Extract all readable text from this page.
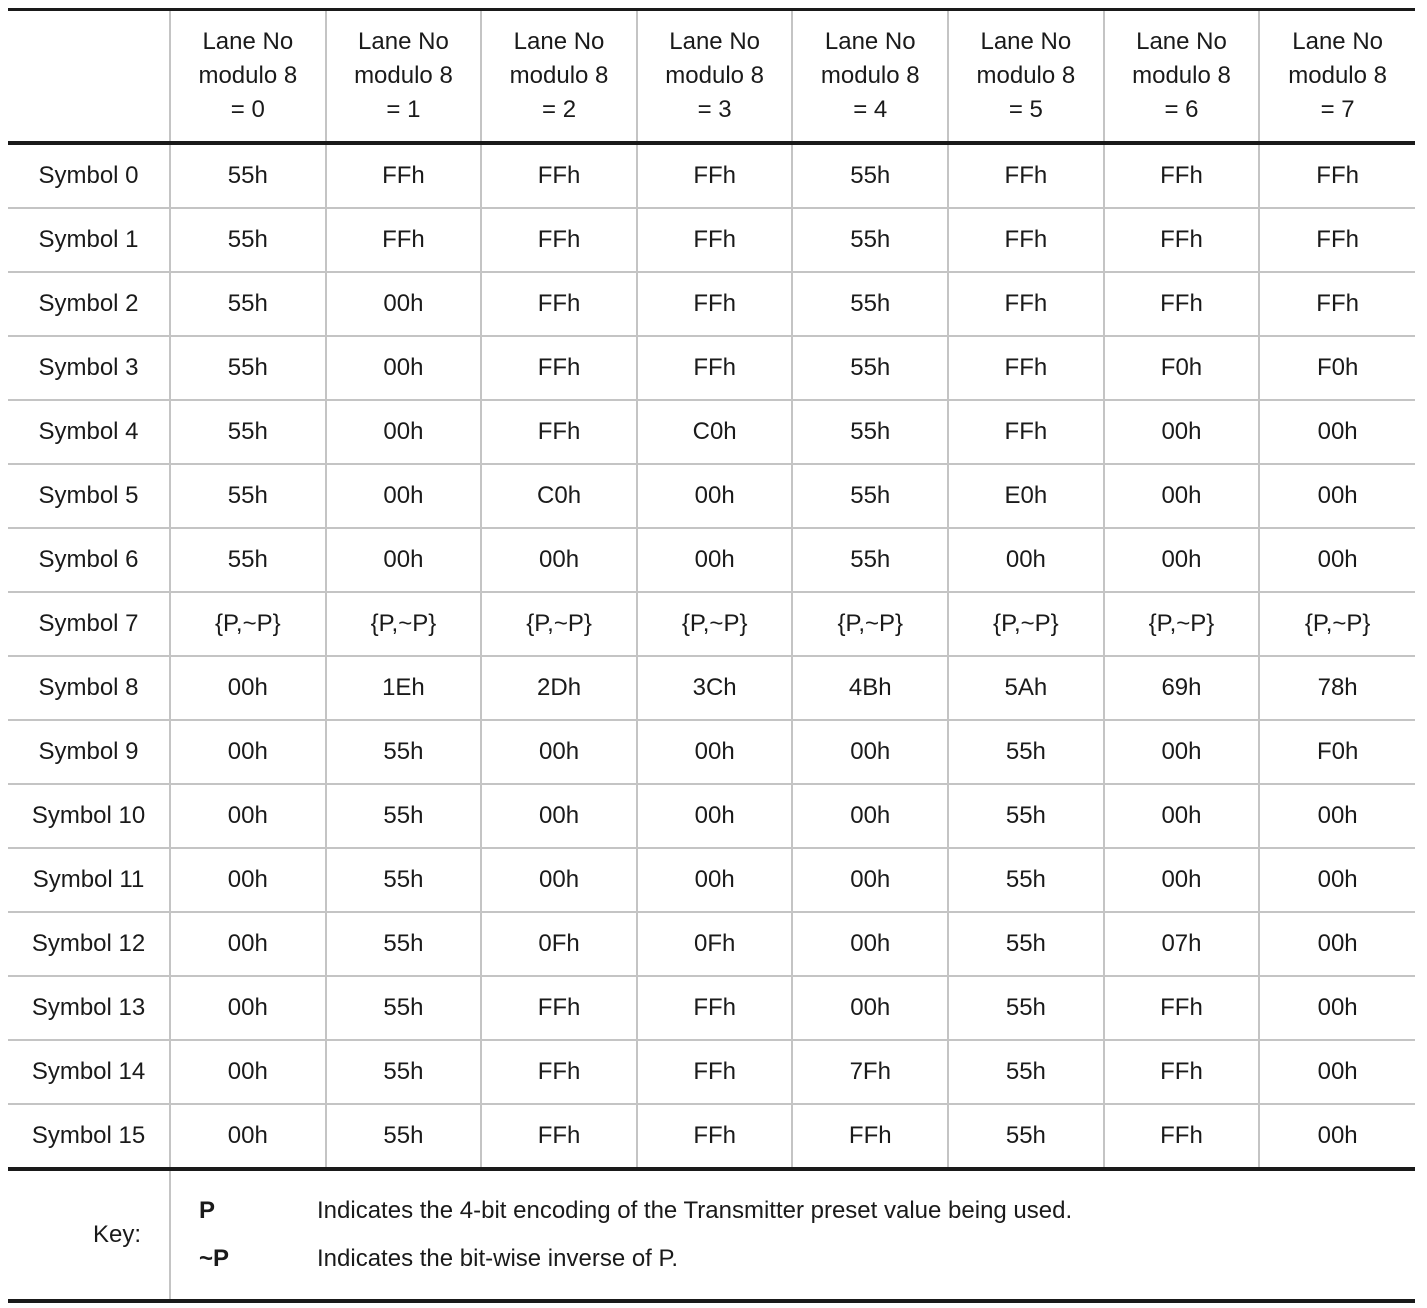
	Lane No
modulo 8
= 0	Lane No
modulo 8
= 1	Lane No
modulo 8
= 2	Lane No
modulo 8
= 3	Lane No
modulo 8
= 4	Lane No
modulo 8
= 5	Lane No
modulo 8
= 6	Lane No
modulo 8
= 7

Symbol 0	55h	FFh	FFh	FFh	55h	FFh	FFh	FFh
Symbol 1	55h	FFh	FFh	FFh	55h	FFh	FFh	FFh
Symbol 2	55h	00h	FFh	FFh	55h	FFh	FFh	FFh
Symbol 3	55h	00h	FFh	FFh	55h	FFh	F0h	F0h
Symbol 4	55h	00h	FFh	C0h	55h	FFh	00h	00h
Symbol 5	55h	00h	C0h	00h	55h	E0h	00h	00h
Symbol 6	55h	00h	00h	00h	55h	00h	00h	00h
Symbol 7	{P,~P}	{P,~P}	{P,~P}	{P,~P}	{P,~P}	{P,~P}	{P,~P}	{P,~P}
Symbol 8	00h	1Eh	2Dh	3Ch	4Bh	5Ah	69h	78h
Symbol 9	00h	55h	00h	00h	00h	55h	00h	F0h
Symbol 10	00h	55h	00h	00h	00h	55h	00h	00h
Symbol 11	00h	55h	00h	00h	00h	55h	00h	00h
Symbol 12	00h	55h	0Fh	0Fh	00h	55h	07h	00h
Symbol 13	00h	55h	FFh	FFh	00h	55h	FFh	00h
Symbol 14	00h	55h	FFh	FFh	7Fh	55h	FFh	00h
Symbol 15	00h	55h	FFh	FFh	FFh	55h	FFh	00h
Key:	P Indicates the 4-bit encoding of the Transmitter preset value being used.
~P Indicates the bit-wise inverse of P.							
